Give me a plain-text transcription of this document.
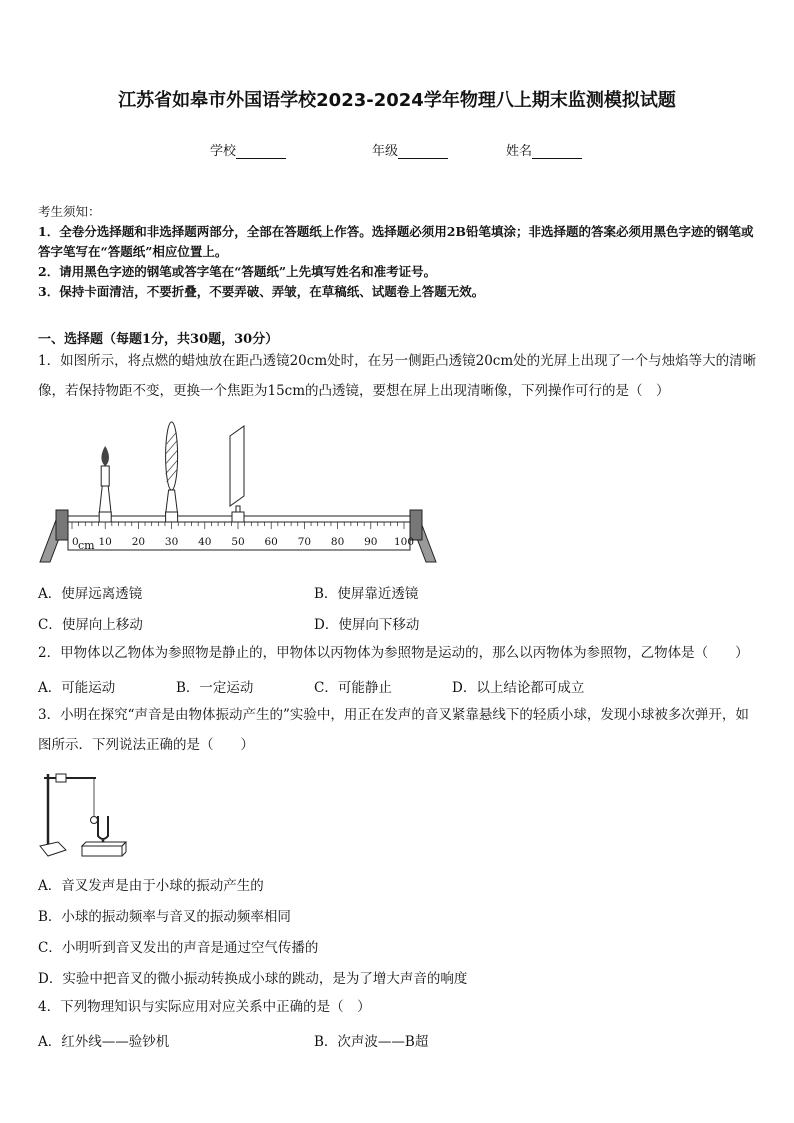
江苏省如皋市外国语学校2023-2024学年物理八上期末监测模拟试题
学校	年级	姓名
考生须知：
1．全卷分选择题和非选择题两部分，全部在答题纸上作答。选择题必须用2B铅笔填涂；非选择题的答案必须用黑色字迹的钢笔或答字笔写在“答题纸”相应位置上。
2．请用黑色字迹的钢笔或答字笔在“答题纸”上先填写姓名和准考证号。
3．保持卡面清洁，不要折叠，不要弄破、弄皱，在草稿纸、试题卷上答题无效。
一、选择题（每题1分，共30题，30分）
1．如图所示，将点燃的蜡烛放在距凸透镜20cm处时，在另一侧距凸透镜20cm处的光屏上出现了一个与烛焰等大的清晰像，若保持物距不变，更换一个焦距为15cm的凸透镜，要想在屏上出现清晰像，下列操作可行的是（　）
0 10 20 30 40 50 60 70 80 90 100
cm
A．使屏远离透镜	B．使屏靠近透镜
C．使屏向上移动	D．使屏向下移动
2．甲物体以乙物体为参照物是静止的，甲物体以丙物体为参照物是运动的，那么以丙物体为参照物，乙物体是（　　）
A．可能运动	B．一定运动	C．可能静止	D．以上结论都可成立
3．小明在探究“声音是由物体振动产生的”实验中，用正在发声的音叉紧靠悬线下的轻质小球，发现小球被多次弹开，如图所示．下列说法正确的是（　　）
A．音叉发声是由于小球的振动产生的
B．小球的振动频率与音叉的振动频率相同
C．小明听到音叉发出的声音是通过空气传播的
D．实验中把音叉的微小振动转换成小球的跳动，是为了增大声音的响度
4．下列物理知识与实际应用对应关系中正确的是（　）
A．红外线——验钞机	B．次声波——B超
